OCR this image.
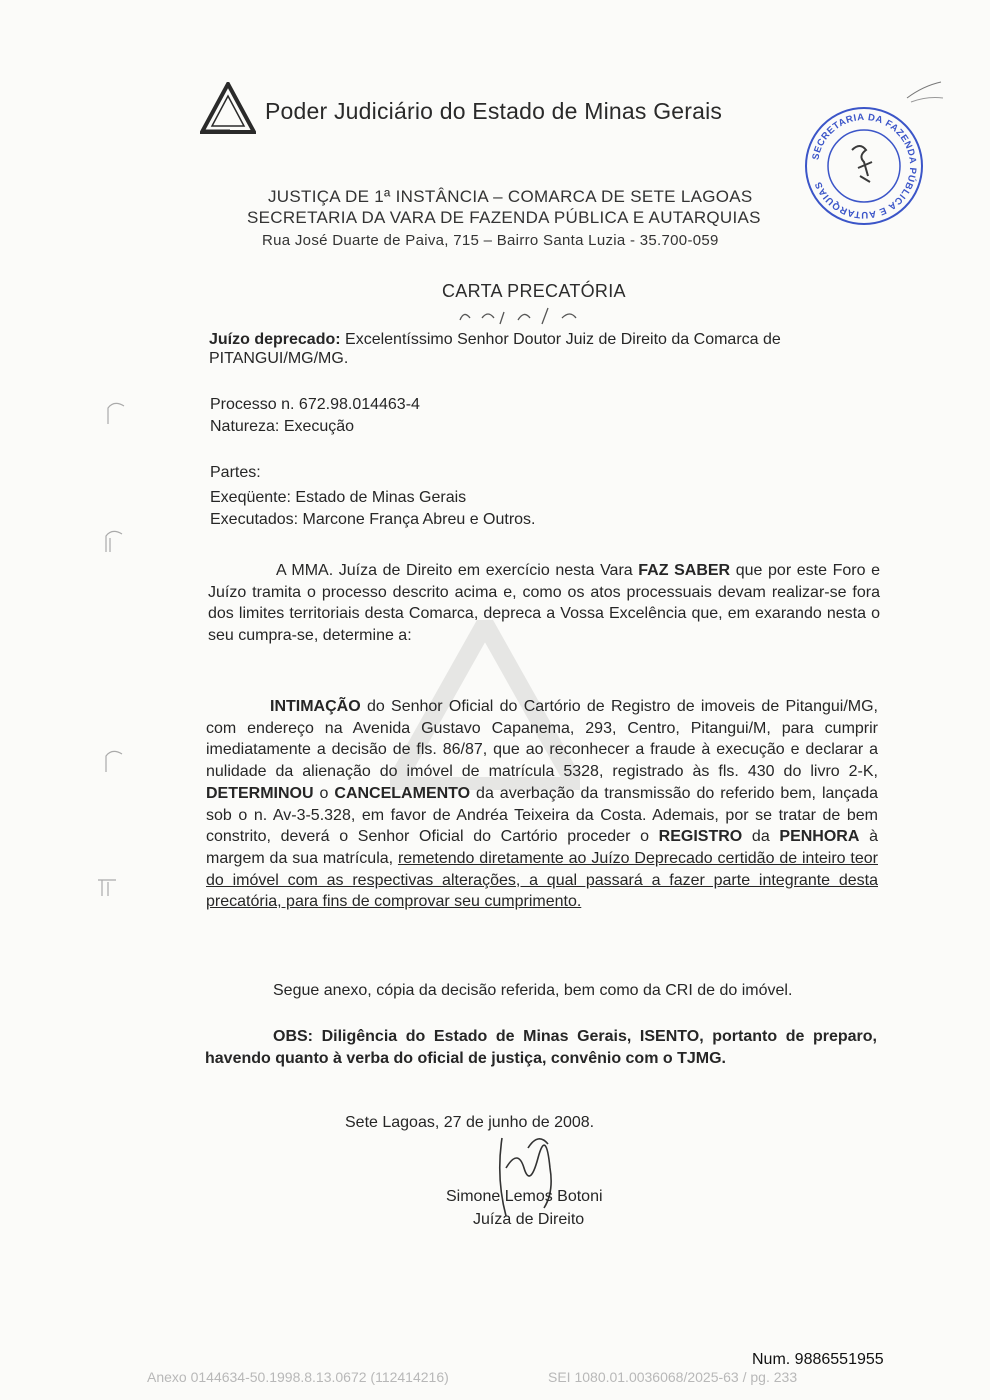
Poder Judiciário do Estado de Minas Gerais
SECRETARIA DA FAZENDA PÚBLICA E AUTARQUIAS
JUSTIÇA DE 1ª INSTÂNCIA – COMARCA DE SETE LAGOAS
SECRETARIA DA VARA DE FAZENDA PÚBLICA E AUTARQUIAS
Rua José Duarte de Paiva, 715 – Bairro Santa Luzia - 35.700-059
CARTA PRECATÓRIA
Juízo deprecado: Excelentíssimo Senhor Doutor Juiz de Direito da Comarca de
PITANGUI/MG/MG.
Processo n. 672.98.014463-4
Natureza: Execução
Partes:
Exeqüente: Estado de Minas Gerais
Executados: Marcone França Abreu e Outros.

A MMA. Juíza de Direito em exercício nesta Vara FAZ SABER que por este Foro e Juízo tramita o processo descrito acima e, como os atos processuais devam realizar-se fora dos limites territoriais desta Comarca, depreca a Vossa Excelência que, em exarando nesta o seu cumpra-se, determine a:

INTIMAÇÃO do Senhor Oficial do Cartório de Registro de imoveis de Pitangui/MG, com endereço na Avenida Gustavo Capanema, 293, Centro, Pitangui/M, para cumprir imediatamente a decisão de fls. 86/87, que ao reconhecer a fraude à execução e declarar a nulidade da alienação do imóvel de matrícula 5328, registrado às fls. 430 do livro 2-K, DETERMINOU o CANCELAMENTO da averbação da transmissão do referido bem, lançada sob o n. Av-3-5.328, em favor de Andréa Teixeira da Costa. Ademais, por se tratar de bem constrito, deverá o Senhor Oficial do Cartório proceder o REGISTRO da PENHORA à margem da sua matrícula, remetendo diretamente ao Juízo Deprecado certidão de inteiro teor do imóvel com as respectivas alterações, a qual passará a fazer parte integrante desta precatória, para fins de comprovar seu cumprimento.

Segue anexo, cópia da decisão referida, bem como da CRI de do imóvel.

OBS: Diligência do Estado de Minas Gerais, ISENTO, portanto de preparo, havendo quanto à verba do oficial de justiça, convênio com o TJMG.

Sete Lagoas, 27 de junho de 2008.
Simone Lemos Botoni
Juíza de Direito
Num. 9886551955
Anexo 0144634-50.1998.8.13.0672 (112414216)	SEI 1080.01.0036068/2025-63 / pg. 233
